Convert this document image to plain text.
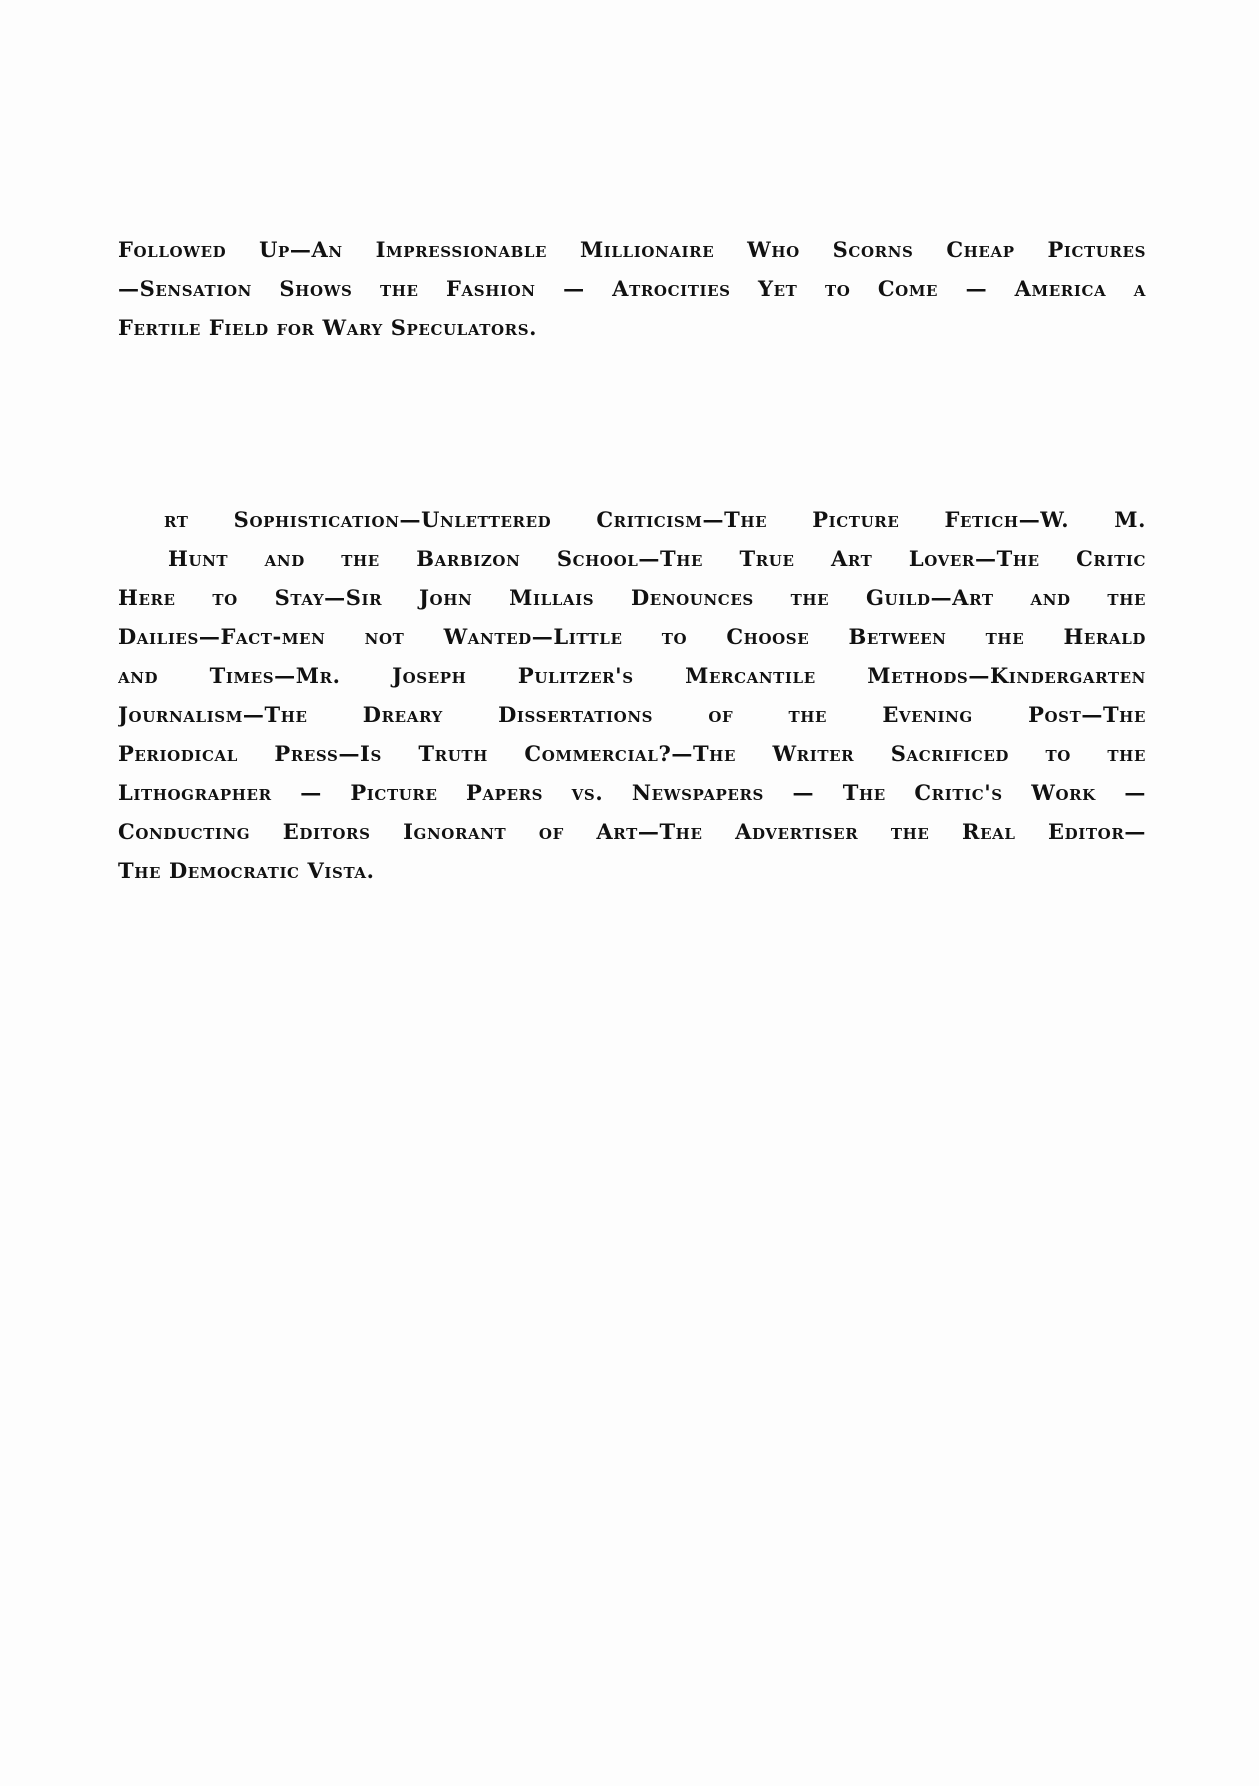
Followed Up—An Impressionable Millionaire Who Scorns Cheap Pictures
—Sensation Shows the Fashion — Atrocities Yet to Come — America a
Fertile Field for Wary Speculators.
rt Sophistication—Unlettered Criticism—The Picture Fetich—W. M.
Hunt and the Barbizon School—The True Art Lover—The Critic
Here to Stay—Sir John Millais Denounces the Guild—Art and the
Dailies—Fact-men not Wanted—Little to Choose Between the Herald
and Times—Mr. Joseph Pulitzer's Mercantile Methods—Kindergarten
Journalism—The Dreary Dissertations of the Evening Post—The
Periodical Press—Is Truth Commercial?—The Writer Sacrificed to the
Lithographer — Picture Papers vs. Newspapers — The Critic's Work —
Conducting Editors Ignorant of Art—The Advertiser the Real Editor—
The Democratic Vista.
